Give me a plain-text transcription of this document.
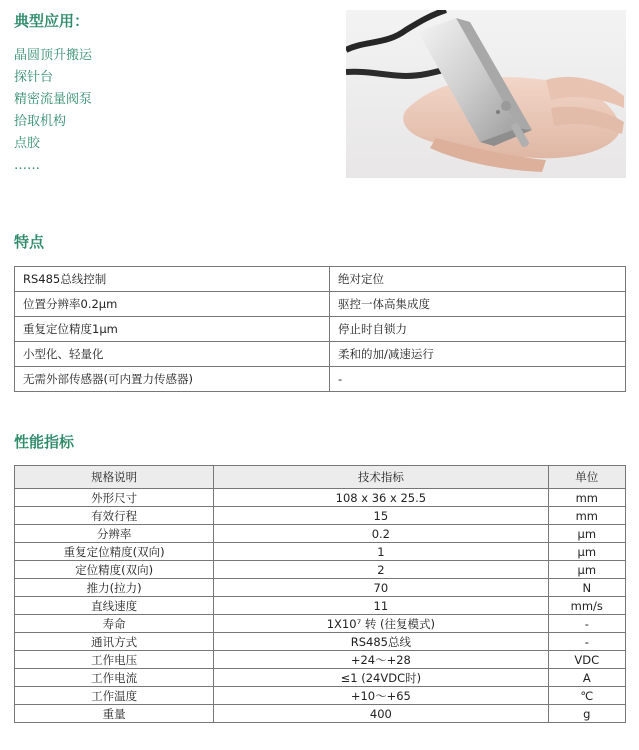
典型应用：
晶圆顶升搬运
探针台
精密流量阀泵
拾取机构
点胶
……
特点
RS485总线控制	绝对定位
位置分辨率0.2μm	驱控一体高集成度
重复定位精度1μm	停止时自锁力
小型化、轻量化	柔和的加/减速运行
无需外部传感器(可内置力传感器)	-
性能指标
规格说明	技术指标	单位
外形尺寸	108 x 36 x 25.5	mm
有效行程	15	mm
分辨率	0.2	μm
重复定位精度(双向)	1	μm
定位精度(双向)	2	μm
推力(拉力)	70	N
直线速度	11	mm/s
寿命	1X10⁷ 转 (往复模式)	-
通讯方式	RS485总线	-
工作电压	+24～+28	VDC
工作电流	≤1 (24VDC时)	A
工作温度	+10～+65	℃
重量	400	g
